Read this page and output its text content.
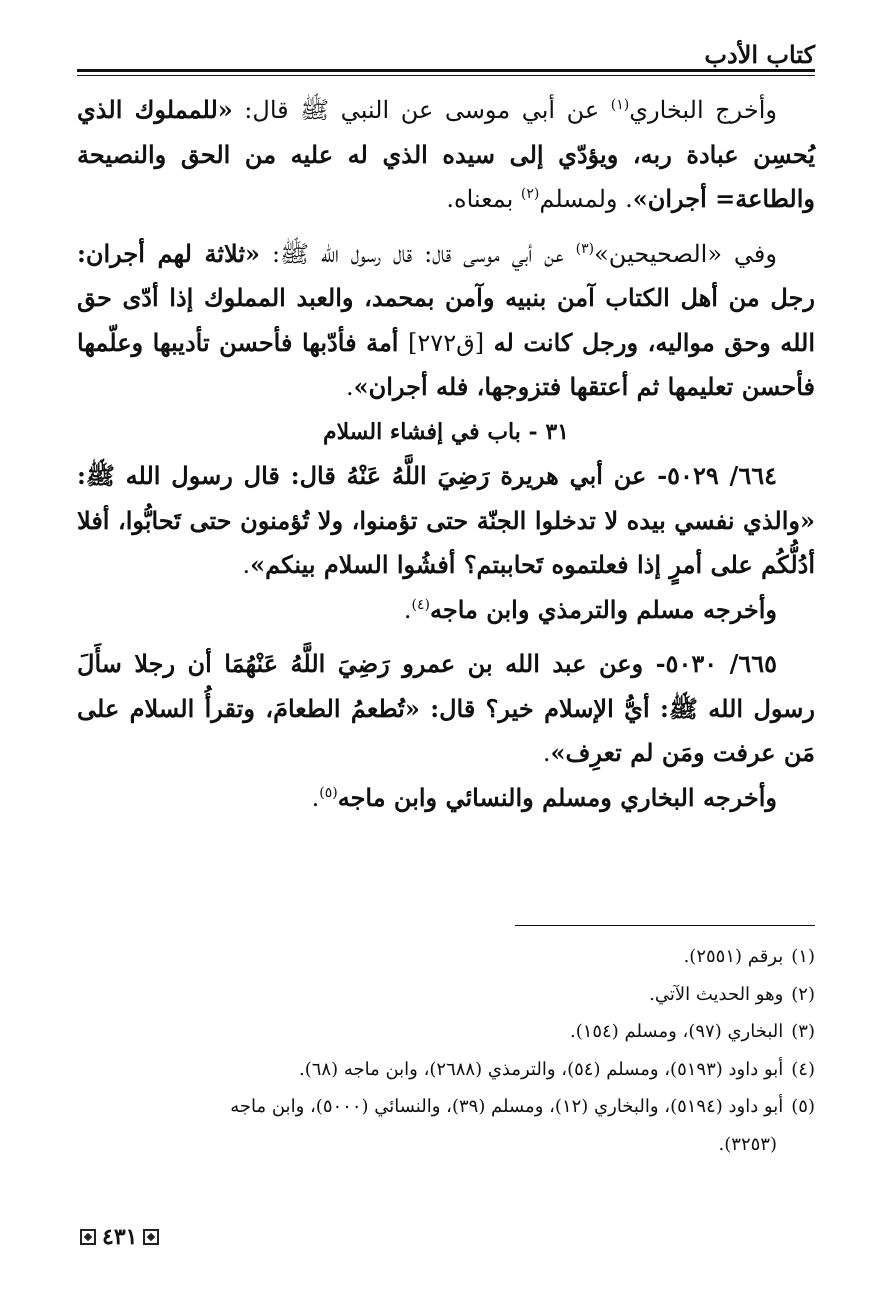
كتاب الأدب

وأخرج البخاري$^{(١)}$ عن أبي موسى عن النبي ﷺ قال: «للمملوك الذي يُحسِن عبادة ربه، ويؤدّي إلى سيده الذي له عليه من الحق والنصيحة والطاعة= أجران». ولمسلم$^{(٢)}$ بمعناه.

وفي «الصحيحين»$^{(٣)}$ عن أبي موسى قال: قال رسول الله ﷺ: «ثلاثة لهم أجران: رجل من أهل الكتاب آمن بنبيه وآمن بمحمد، والعبد المملوك إذا أدّى حق الله وحق مواليه، ورجل كانت له [ق٢٧٢] أمة فأدّبها فأحسن تأديبها وعلّمها فأحسن تعليمها ثم أعتقها فتزوجها، فله أجران».

٣١ - باب في إفشاء السلام

٦٦٤/ ٥٠٢٩- عن أبي هريرة رَضِيَ اللَّهُ عَنْهُ قال: قال رسول الله ﷺ: «والذي نفسي بيده لا تدخلوا الجنّة حتى تؤمنوا، ولا تُؤمنون حتى تَحابُّوا، أفلا أدُلُّكُم على أمرٍ إذا فعلتموه تَحاببتم؟ أفشُوا السلام بينكم».

وأخرجه مسلم والترمذي وابن ماجه$^{(٤)}$.

٦٦٥/ ٥٠٣٠- وعن عبد الله بن عمرو رَضِيَ اللَّهُ عَنْهُمَا أن رجلا سأَلَ رسول الله ﷺ: أيُّ الإسلام خير؟ قال: «تُطعمُ الطعامَ، وتقرأُ السلام على مَن عرفت ومَن لم تعرِف».

وأخرجه البخاري ومسلم والنسائي وابن ماجه$^{(٥)}$.

(١)برقم (٢٥٥١).

(٢)وهو الحديث الآتي.

(٣)البخاري (٩٧)، ومسلم (١٥٤).

(٤)أبو داود (٥١٩٣)، ومسلم (٥٤)، والترمذي (٢٦٨٨)، وابن ماجه (٦٨).

(٥)أبو داود (٥١٩٤)، والبخاري (١٢)، ومسلم (٣٩)، والنسائي (٥٠٠٠)، وابن ماجه

(٣٢٥٣).

٤٣١
